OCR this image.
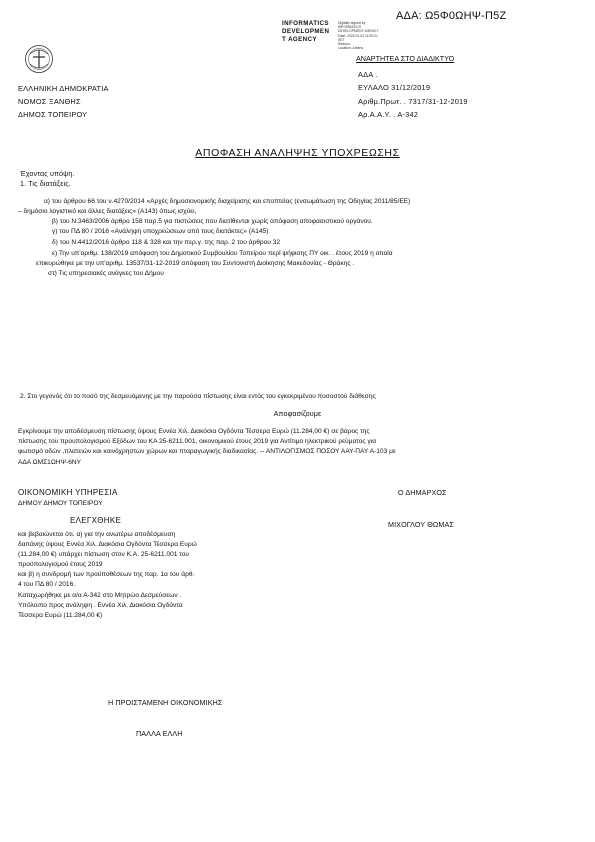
ΑΔΑ: Ω5Φ0ΩΗΨ-Π5Ζ
INFORMATICS
DEVELOPMEN
T AGENCY
Digitally signed by
INFORMATICS
DEVELOPMENT AGENCY
Date: 2020.01.02 11:09:21
EET
Reason:
Location: Athens
ΑΝΑΡΤΗΤΕΑ ΣΤΟ ΔΙΑΔΙΚΤΥΟ
ΕΛΛΗΝΙΚΗ ΔΗΜΟΚΡΑΤΙΑ
ΝΟΜΟΣ ΞΑΝΘΗΣ
ΔΗΜΟΣ ΤΟΠΕΙΡΟΥ
ΑΔΑ .
ΕΥΛΑΛΟ 31/12/2019
Αριθμ.Πρωτ. . 7317/31-12-2019
Αρ.Α.Α.Υ. . Α-342
ΑΠΟΦΑΣΗ ΑΝΑΛΗΨΗΣ ΥΠΟΧΡΕΩΣΗΣ
Έχοντας υπόψη.
1. Τις διατάξεις.
α) του άρθρου 66 του ν.4270/2014 «Αρχές δημοσιονομικής διαχείρισης και εποπτείας (ενσωμάτωση της Οδηγίας 2011/85/ΕΕ)
– δημόσιο λογιστικό και άλλες διατάξεις» (Α143) όπως ισχύει,
β) του Ν.3463/2006 άρθρο 158 παρ.5 για πιστώσεις που διατίθενται χωρίς απόφαση αποφασιστικού οργάνου.
γ) του ΠΔ 80 / 2016 «Ανάληψη υποχρεώσεων από τους διατάκτες» (Α145)
δ) του Ν.4412/2016 άρθρο 118 & 328 και την περ.γ. της παρ. 2 του άρθρου 32
ε) Την υπ'αριθμ. 138/2019 απόφαση του Δημοτικού Συμβουλίου Τοπείρου περί ψήφισης ΠΥ οικ. . έτους 2019 η οποία
επικυρώθηκε με την υπ'αριθμ. 13537/31-12-2019 απόφαση του Συντονιστή Διοίκησης Μακεδονίας - Θράκης .
στ) Τις υπηρεσιακές ανάγκες του Δήμου
2. Στο γεγονός ότι το ποσό της δεσμευόμενης με την παρούσα πίστωσης είναι εντός του εγκεκριμένου ποσοστού διάθεσης
Αποφασίζουμε
Εγκρίνουμε την αποδέσμευση πίστωσης ύψους Εννέα Χιλ. Διακόσια Ογδόντα Τέσσερα Ευρώ (11.284,00 €) σε βάρος της
πίστωσης του προυπολογισμού Εξόδων του ΚΑ 25-6211.001, οικονομικού έτους 2019 για Αντίτιμο ηλεκτρικού ρεύματος για
φωτισμό οδών ,πλατειών και κοινόχρηστων χώρων και πταραγωγικής διαδικασίας. -- ΑΝΤΙΛΟΓΙΣΜΟΣ ΠΟΣΟΥ ΑΑΥ-ΠΑΥ Α-103 με
ΑΔΑ ΩΜΣ1ΩΗΨ-6ΝΥ
ΟΙΚΟΝΟΜΙΚΗ ΥΠΗΡΕΣΙΑ
ΔΗΜΟΥ ΔΗΜΟΥ ΤΟΠΕΙΡΟΥ
ΕΛΕΓΧΘΗΚΕ
και βεβαιώνεται ότι. α) για την ανωτέρω αποδέσμευση
δαπάνης ύψους Εννέα Χιλ. Διακόσια Ογδόντα Τέσσερα Ευρώ
(11.284,00 €) υπάρχει πίστωση στον Κ.Α. 25-6211.001 του
προϋπολογισμού έτους 2019
και β) η συνδρομή των προϋποθέσεων της παρ. 1α του άρθ.
4 του ΠΔ 80 / 2016.
Καταχωρήθηκε με α/α Α-342 στο Μητρώο Δεσμεύσεων .
Υπόλοιπο προς ανάληψη . Εννέα Χιλ. Διακόσια Ογδόντα
Τέσσερα Ευρώ (11.284,00 €)
Ο ΔΗΜΑΡΧΟΣ
ΜΙΧΟΓΛΟΥ ΘΩΜΑΣ
Η ΠΡΟΙΣΤΑΜΕΝΗ ΟΙΚΟΝΟΜΙΚΗΣ
ΠΑΛΛΑ ΕΛΛΗ
